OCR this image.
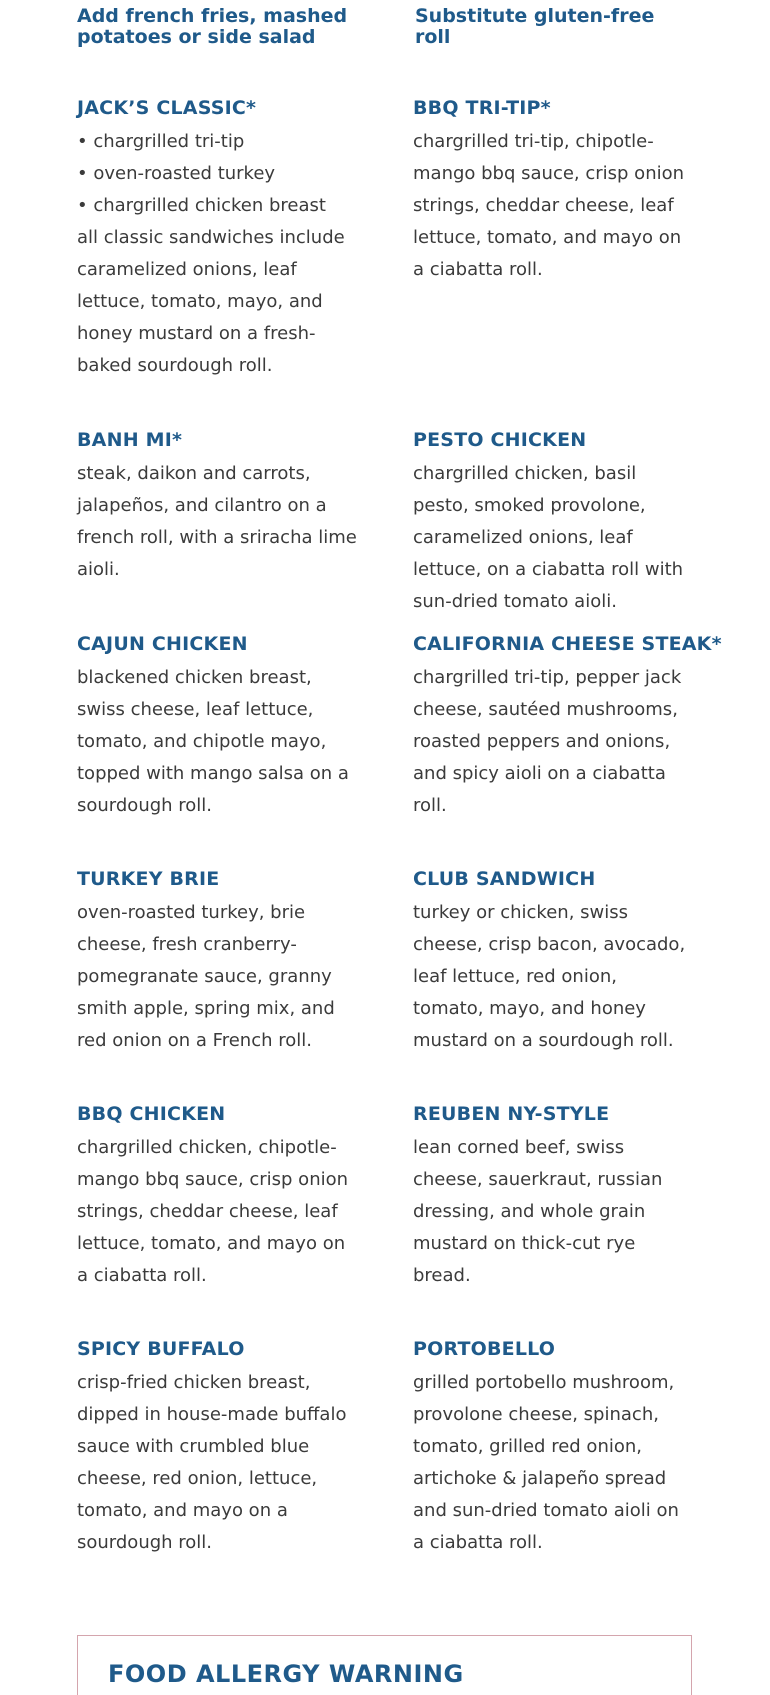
Add french fries, mashed potatoes or side salad
Substitute gluten-free roll
JACK’S CLASSIC*
• chargrilled tri-tip
• oven-roasted turkey
• chargrilled chicken breast

all classic sandwiches include caramelized onions, leaf lettuce, tomato, mayo, and honey mustard on a fresh-baked sourdough roll.

BBQ TRI-TIP*

chargrilled tri-tip, chipotle-mango bbq sauce, crisp onion strings, cheddar cheese, leaf lettuce, tomato, and mayo on a ciabatta roll.

BANH MI*

steak, daikon and carrots, jalapeños, and cilantro on a french roll, with a sriracha lime aioli.

PESTO CHICKEN

chargrilled chicken, basil pesto, smoked provolone, caramelized onions, leaf lettuce, on a ciabatta roll with sun-dried tomato aioli.

CAJUN CHICKEN

blackened chicken breast, swiss cheese, leaf lettuce, tomato, and chipotle mayo, topped with mango salsa on a sourdough roll.

CALIFORNIA CHEESE STEAK*

chargrilled tri-tip, pepper jack cheese, sautéed mushrooms, roasted peppers and onions, and spicy aioli on a ciabatta roll.

TURKEY BRIE

oven-roasted turkey, brie cheese, fresh cranberry-pomegranate sauce, granny smith apple, spring mix, and red onion on a French roll.

CLUB SANDWICH

turkey or chicken, swiss cheese, crisp bacon, avocado, leaf lettuce, red onion, tomato, mayo, and honey mustard on a sourdough roll.

BBQ CHICKEN

chargrilled chicken, chipotle-mango bbq sauce, crisp onion strings, cheddar cheese, leaf lettuce, tomato, and mayo on a ciabatta roll.

REUBEN NY-STYLE

lean corned beef, swiss cheese, sauerkraut, russian dressing, and whole grain mustard on thick-cut rye bread.

SPICY BUFFALO

crisp-fried chicken breast, dipped in house-made buffalo sauce with crumbled blue cheese, red onion, lettuce, tomato, and mayo on a sourdough roll.

PORTOBELLO

grilled portobello mushroom, provolone cheese, spinach, tomato, grilled red onion, artichoke & jalapeño spread and sun-dried tomato aioli on a ciabatta roll.

FOOD ALLERGY WARNING
